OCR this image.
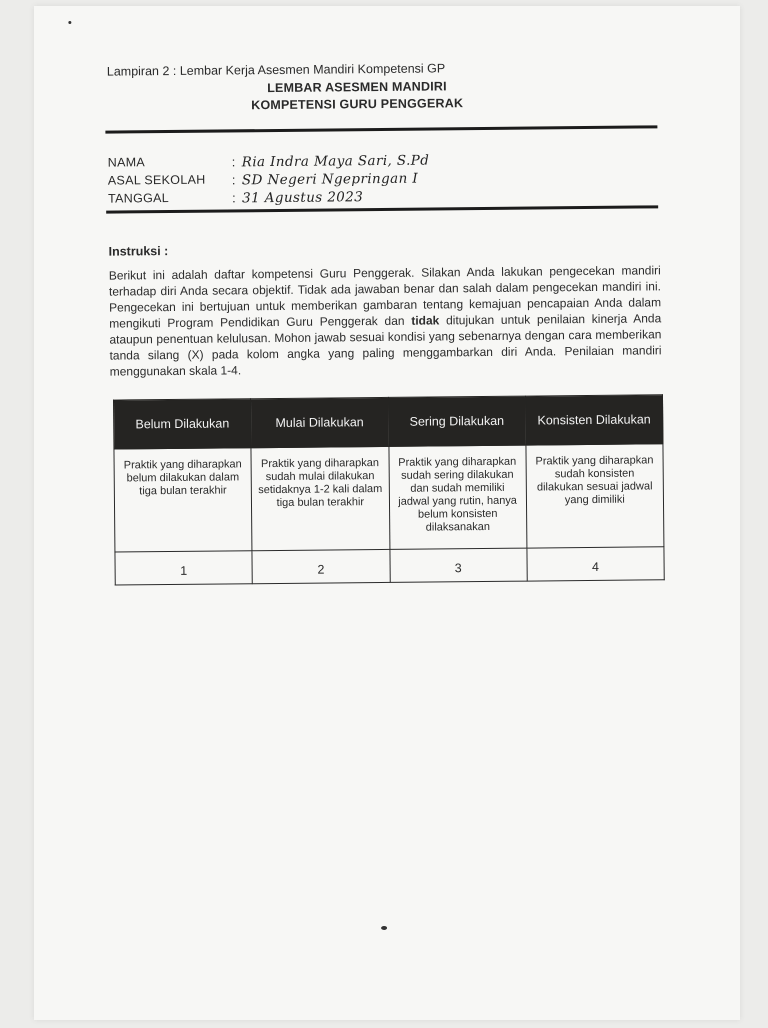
Lampiran 2 : Lembar Kerja Asesmen Mandiri Kompetensi GP
LEMBAR ASESMEN MANDIRI
KOMPETENSI GURU PENGGERAK
NAMA	: Ria Indra Maya Sari, S.Pd
ASAL SEKOLAH : SD Negeri Ngepringan I
TANGGAL	: 31 Agustus 2023
Instruksi :
Berikut ini adalah daftar kompetensi Guru Penggerak. Silakan Anda lakukan pengecekan mandiri terhadap diri Anda secara objektif. Tidak ada jawaban benar dan salah dalam pengecekan mandiri ini. Pengecekan ini bertujuan untuk memberikan gambaran tentang kemajuan pencapaian Anda dalam mengikuti Program Pendidikan Guru Penggerak dan tidak ditujukan untuk penilaian kinerja Anda ataupun penentuan kelulusan. Mohon jawab sesuai kondisi yang sebenarnya dengan cara memberikan tanda silang (X) pada kolom angka yang paling menggambarkan diri Anda. Penilaian mandiri menggunakan skala 1-4.
Belum Dilakukan	Mulai Dilakukan	Sering Dilakukan	Konsisten Dilakukan
Praktik yang diharapkan belum dilakukan dalam tiga bulan terakhir	Praktik yang diharapkan sudah mulai dilakukan setidaknya 1-2 kali dalam tiga bulan terakhir	Praktik yang diharapkan sudah sering dilakukan dan sudah memiliki jadwal yang rutin, hanya belum konsisten dilaksanakan	Praktik yang diharapkan sudah konsisten dilakukan sesuai jadwal yang dimiliki
1	2	3	4
